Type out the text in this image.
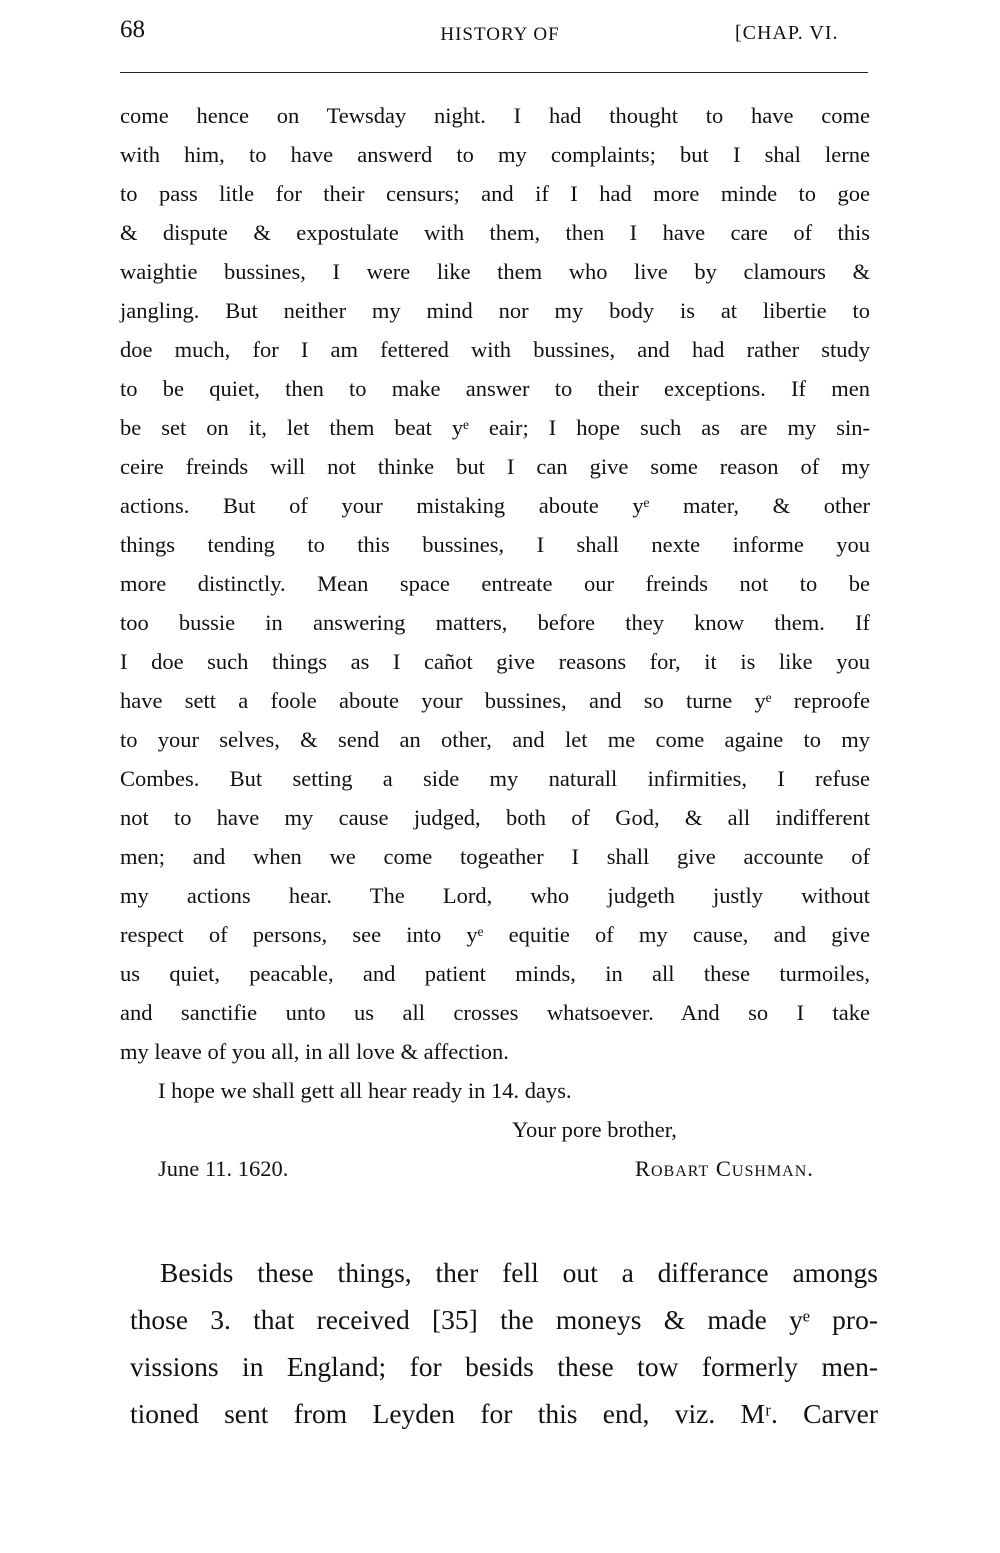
68	HISTORY OF	[CHAP. VI.
come hence on Tewsday night. I had thought to have come
with him, to have answerd to my complaints; but I shal lerne
to pass litle for their censurs; and if I had more minde to goe
& dispute & expostulate with them, then I have care of this
waightie bussines, I were like them who live by clamours &
jangling. But neither my mind nor my body is at libertie to
doe much, for I am fettered with bussines, and had rather study
to be quiet, then to make answer to their exceptions. If men
be set on it, let them beat yᵉ eair; I hope such as are my sin-
ceire freinds will not thinke but I can give some reason of my
actions. But of your mistaking aboute yᵉ mater, & other
things tending to this bussines, I shall nexte informe you
more distinctly. Mean space entreate our freinds not to be
too bussie in answering matters, before they know them. If
I doe such things as I cañot give reasons for, it is like you
have sett a foole aboute your bussines, and so turne yᵉ reproofe
to your selves, & send an other, and let me come againe to my
Combes. But setting a side my naturall infirmities, I refuse
not to have my cause judged, both of God, & all indifferent
men; and when we come togeather I shall give accounte of
my actions hear. The Lord, who judgeth justly without
respect of persons, see into yᵉ equitie of my cause, and give
us quiet, peacable, and patient minds, in all these turmoiles,
and sanctifie unto us all crosses whatsoever. And so I take
my leave of you all, in all love & affection.
I hope we shall gett all hear ready in 14. days.
Your pore brother,
June 11. 1620.	Robart Cushman.
Besids these things, ther fell out a differance amongs
those 3. that received [35] the moneys & made yᵉ pro-
vissions in England; for besids these tow formerly men-
tioned sent from Leyden for this end, viz. Mʳ. Carver
